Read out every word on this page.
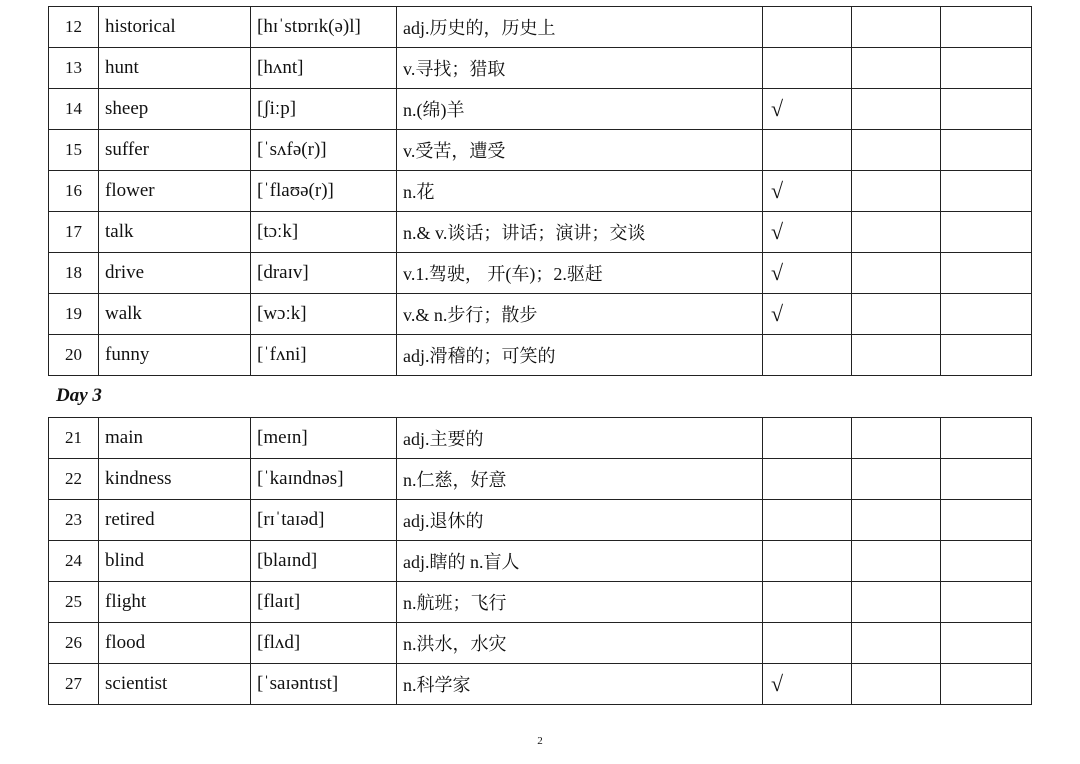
12	historical	[hɪˈstɒrɪk(ə)l]	adj.历史的，历史上			
13	hunt	[hʌnt]	v.寻找；猎取			
14	sheep	[ʃiːp]	n.(绵)羊	√		
15	suffer	[ˈsʌfə(r)]	v.受苦，遭受			
16	flower	[ˈflaʊə(r)]	n.花	√		
17	talk	[tɔːk]	n.& v.谈话；讲话；演讲；交谈	√		
18	drive	[draɪv]	v.1.驾驶， 开(车)；2.驱赶	√		
19	walk	[wɔːk]	v.& n.步行；散步	√		
20	funny	[ˈfʌni]	adj.滑稽的；可笑的			
Day 3
21	main	[meɪn]	adj.主要的			
22	kindness	[ˈkaɪndnəs]	n.仁慈，好意			
23	retired	[rɪˈtaɪəd]	adj.退休的			
24	blind	[blaɪnd]	adj.瞎的 n.盲人			
25	flight	[flaɪt]	n.航班；飞行			
26	flood	[flʌd]	n.洪水，水灾			
27	scientist	[ˈsaɪəntɪst]	n.科学家	√		
2
